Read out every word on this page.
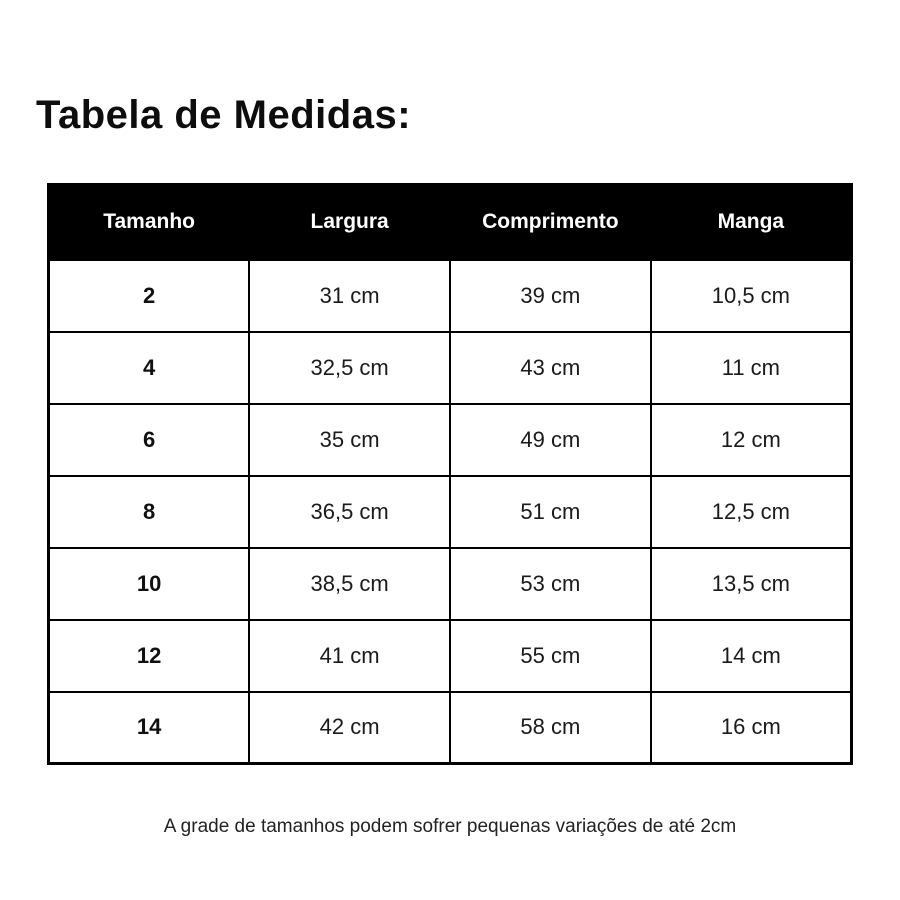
Tabela de Medidas:
Tamanho	Largura	Comprimento	Manga
2	31 cm	39 cm	10,5 cm
4	32,5 cm	43 cm	11 cm
6	35 cm	49 cm	12 cm
8	36,5 cm	51 cm	12,5 cm
10	38,5 cm	53 cm	13,5 cm
12	41 cm	55 cm	14 cm
14	42 cm	58 cm	16 cm

A grade de tamanhos podem sofrer pequenas variações de até 2cm
